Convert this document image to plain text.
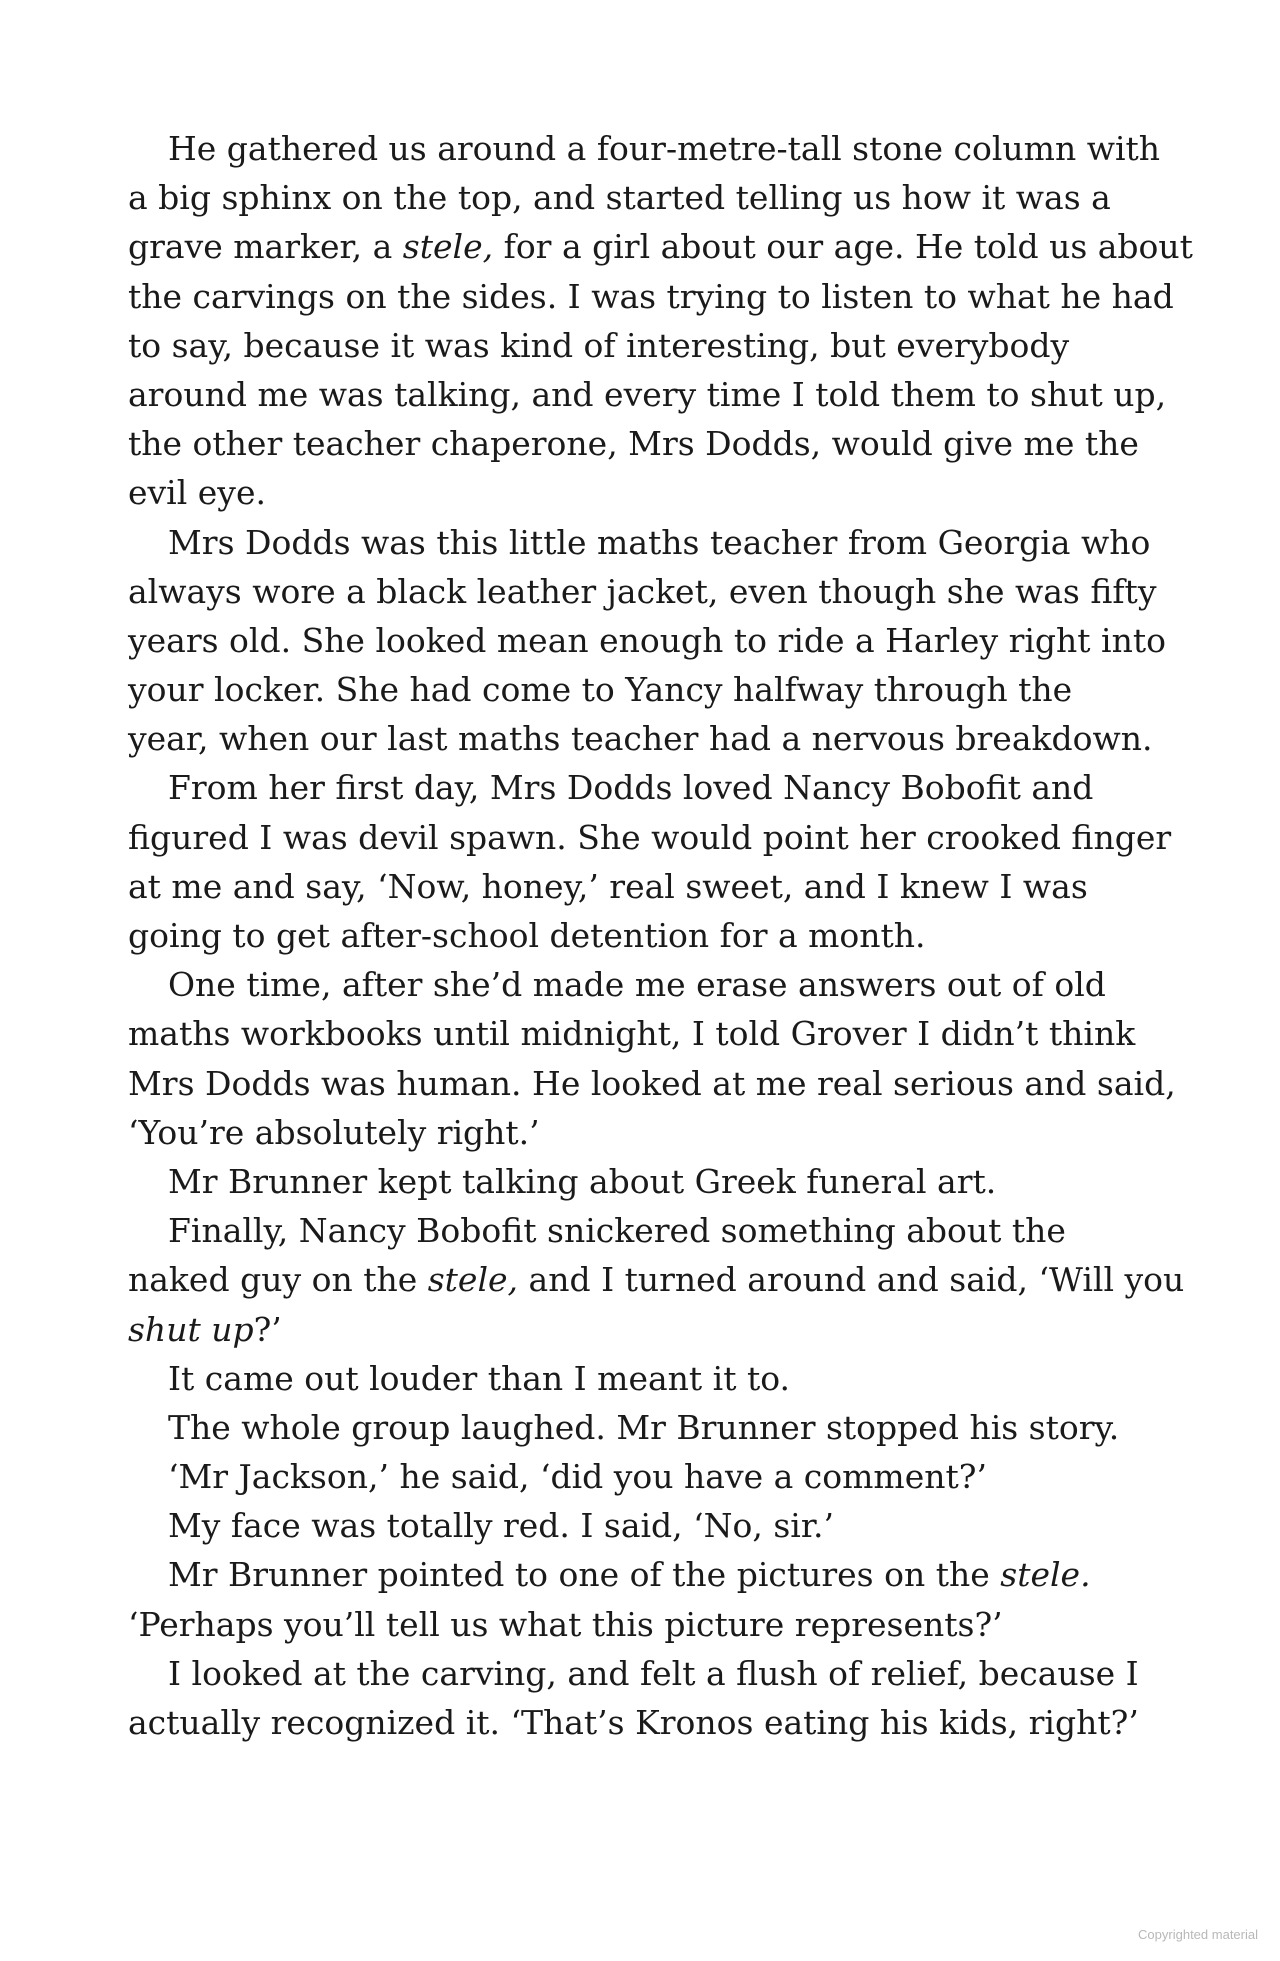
He gathered us around a four-metre-tall stone column with
a big sphinx on the top, and started telling us how it was a
grave marker, a stele, for a girl about our age. He told us about
the carvings on the sides. I was trying to listen to what he had
to say, because it was kind of interesting, but everybody
around me was talking, and every time I told them to shut up,
the other teacher chaperone, Mrs Dodds, would give me the
evil eye.
Mrs Dodds was this little maths teacher from Georgia who
always wore a black leather jacket, even though she was fifty
years old. She looked mean enough to ride a Harley right into
your locker. She had come to Yancy halfway through the
year, when our last maths teacher had a nervous breakdown.
From her first day, Mrs Dodds loved Nancy Bobofit and
figured I was devil spawn. She would point her crooked finger
at me and say, ‘Now, honey,’ real sweet, and I knew I was
going to get after-school detention for a month.
One time, after she’d made me erase answers out of old
maths workbooks until midnight, I told Grover I didn’t think
Mrs Dodds was human. He looked at me real serious and said,
‘You’re absolutely right.’
Mr Brunner kept talking about Greek funeral art.
Finally, Nancy Bobofit snickered something about the
naked guy on the stele, and I turned around and said, ‘Will you
shut up?’
It came out louder than I meant it to.
The whole group laughed. Mr Brunner stopped his story.
‘Mr Jackson,’ he said, ‘did you have a comment?’
My face was totally red. I said, ‘No, sir.’
Mr Brunner pointed to one of the pictures on the stele.
‘Perhaps you’ll tell us what this picture represents?’
I looked at the carving, and felt a flush of relief, because I
actually recognized it. ‘That’s Kronos eating his kids, right?’
Copyrighted material
